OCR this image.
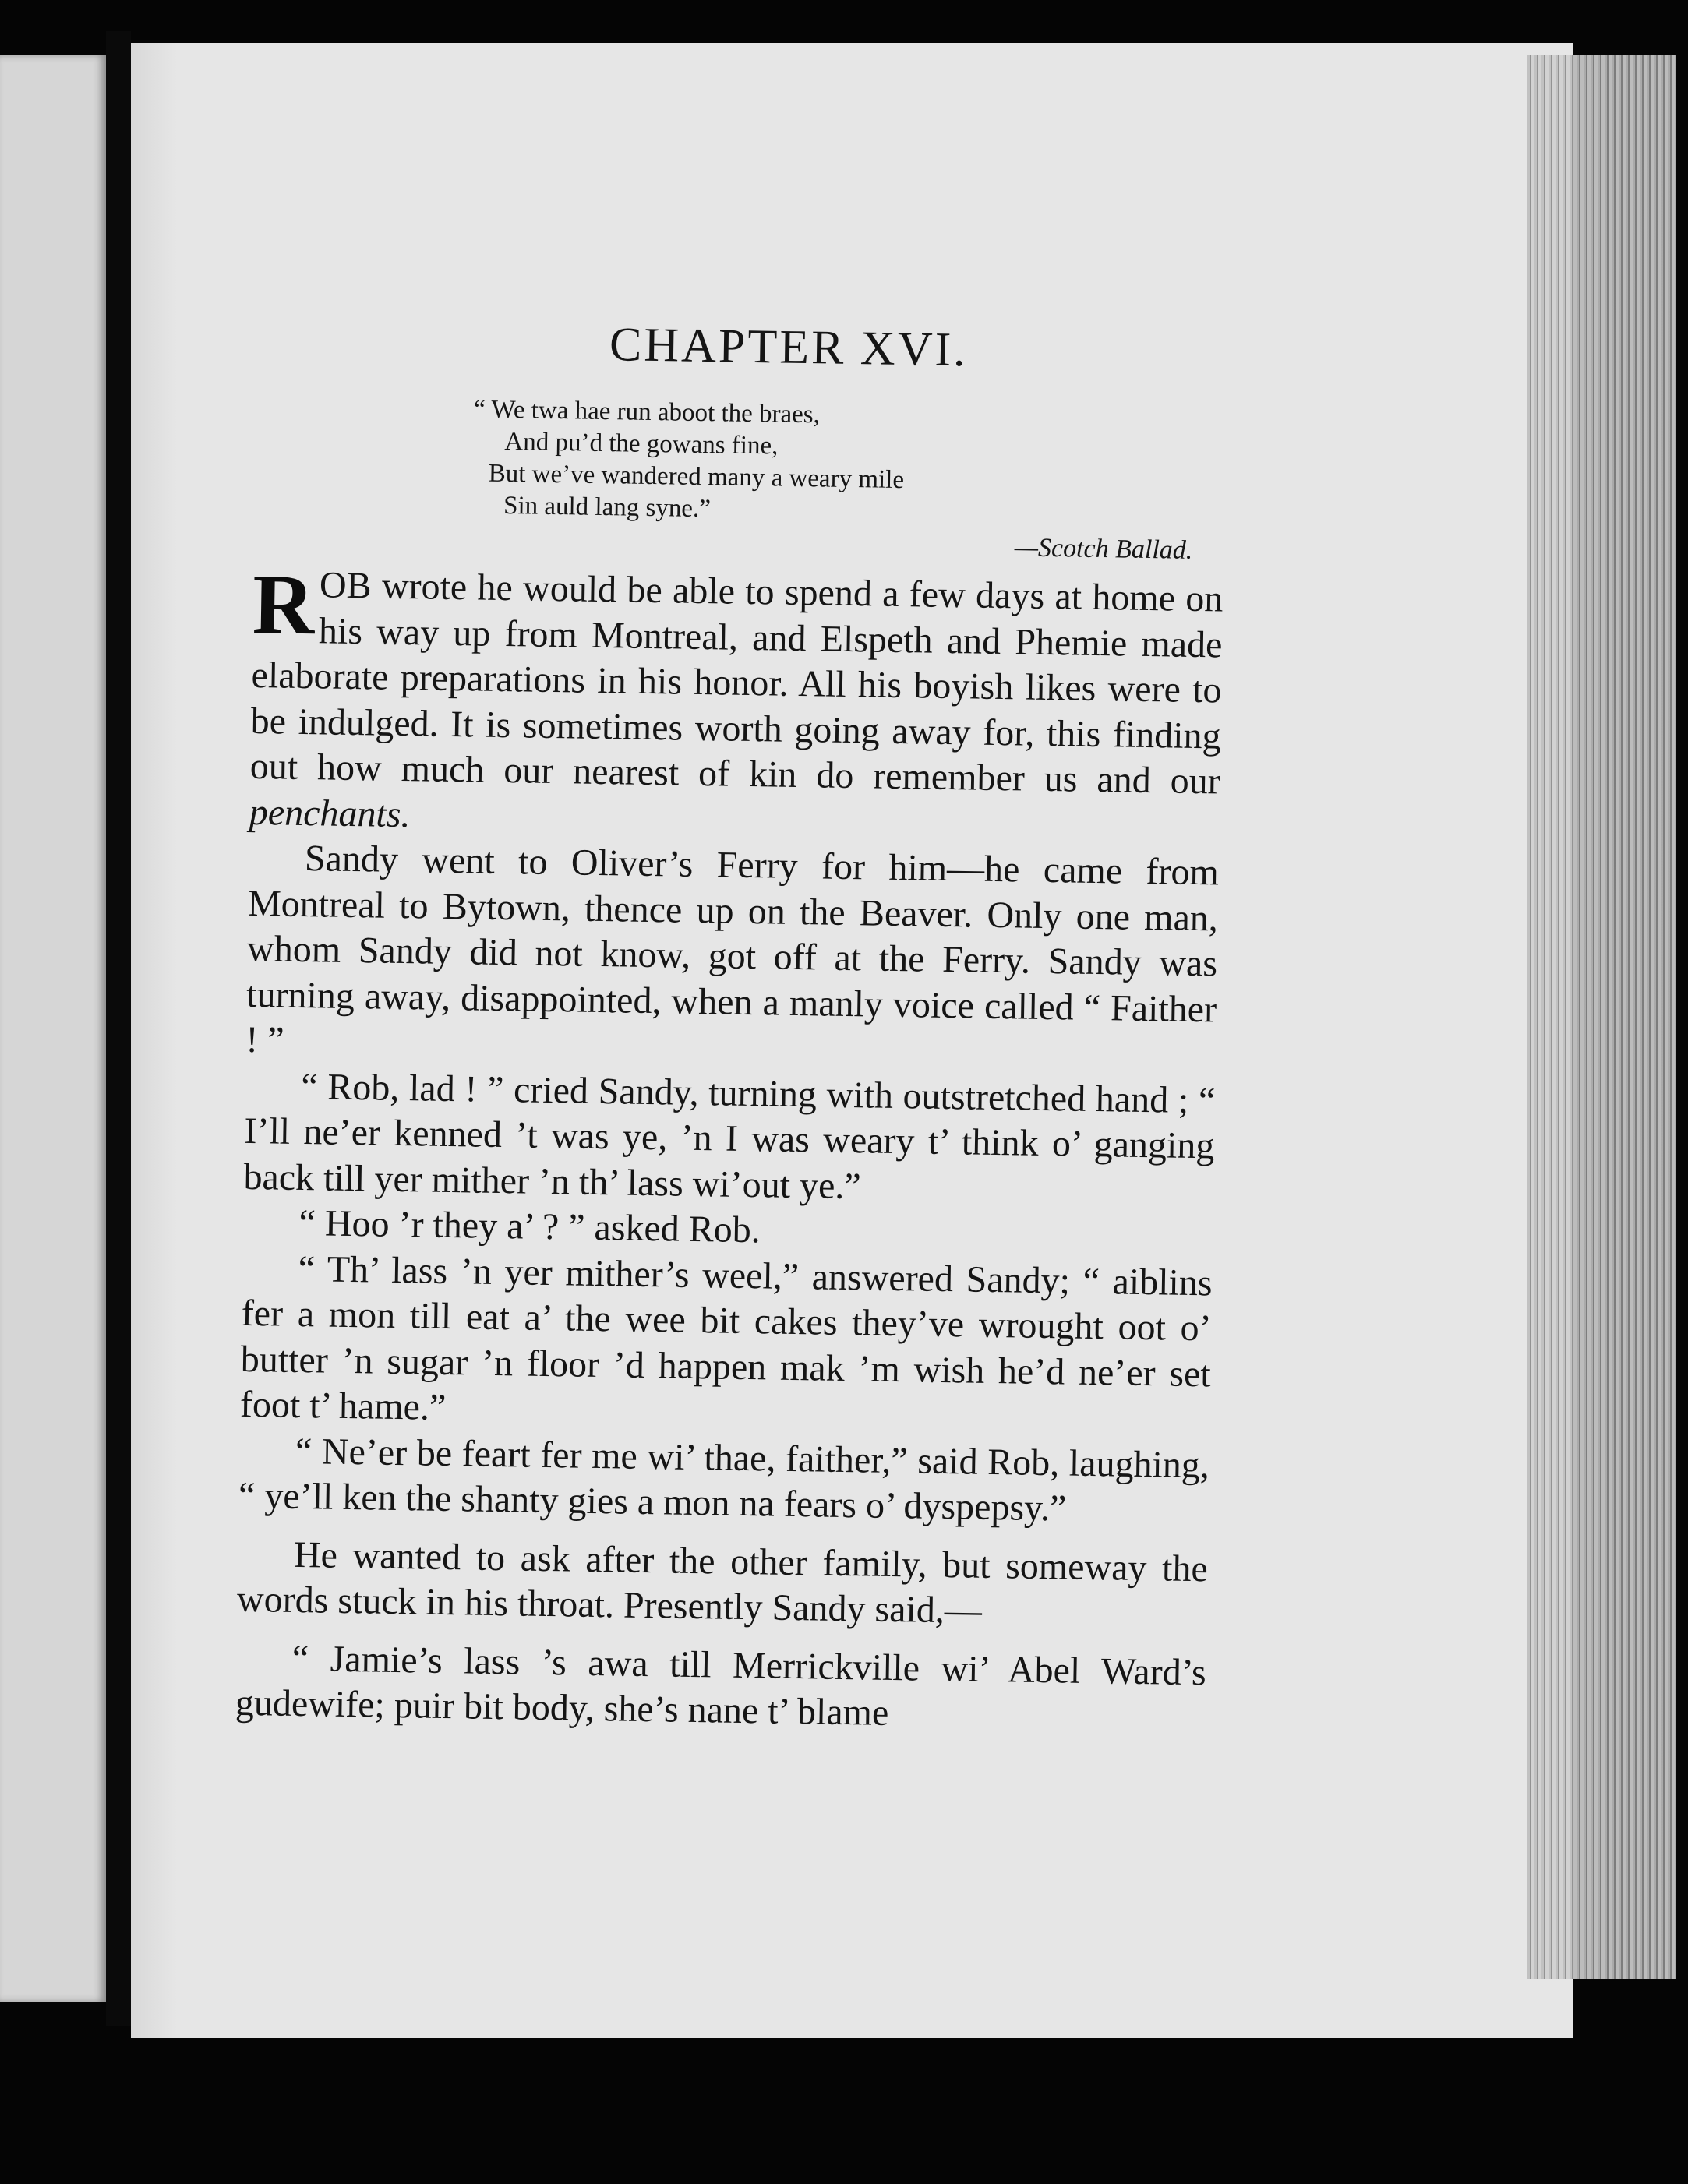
CHAPTER XVI.
“ We twa hae run aboot the braes,
And pu’d the gowans fine,
But we’ve wandered many a weary mile
Sin auld lang syne.”
—Scotch Ballad.

R OB wrote he would be able to spend a few days at home on his way up from Montreal, and Elspeth and Phemie made elaborate preparations in his honor. All his boyish likes were to be indulged. It is sometimes worth going away for, this finding out how much our nearest of kin do remember us and our penchants.

Sandy went to Oliver’s Ferry for him—he came from Montreal to Bytown, thence up on the Beaver. Only one man, whom Sandy did not know, got off at the Ferry. Sandy was turning away, disappointed, when a manly voice called “ Faither ! ”

“ Rob, lad ! ” cried Sandy, turning with outstretched hand ; “ I’ll ne’er kenned ’t was ye, ’n I was weary t’ think o’ ganging back till yer mither ’n th’ lass wi’out ye.”

“ Hoo ’r they a’ ? ” asked Rob.

“ Th’ lass ’n yer mither’s weel,” answered Sandy; “ aiblins fer a mon till eat a’ the wee bit cakes they’ve wrought oot o’ butter ’n sugar ’n floor ’d happen mak ’m wish he’d ne’er set foot t’ hame.”

“ Ne’er be feart fer me wi’ thae, faither,” said Rob, laughing, “ ye’ll ken the shanty gies a mon na fears o’ dyspepsy.”

He wanted to ask after the other family, but someway the words stuck in his throat. Presently Sandy said,—

“ Jamie’s lass ’s awa till Merrickville wi’ Abel Ward’s gudewife; puir bit body, she’s nane t’ blame
